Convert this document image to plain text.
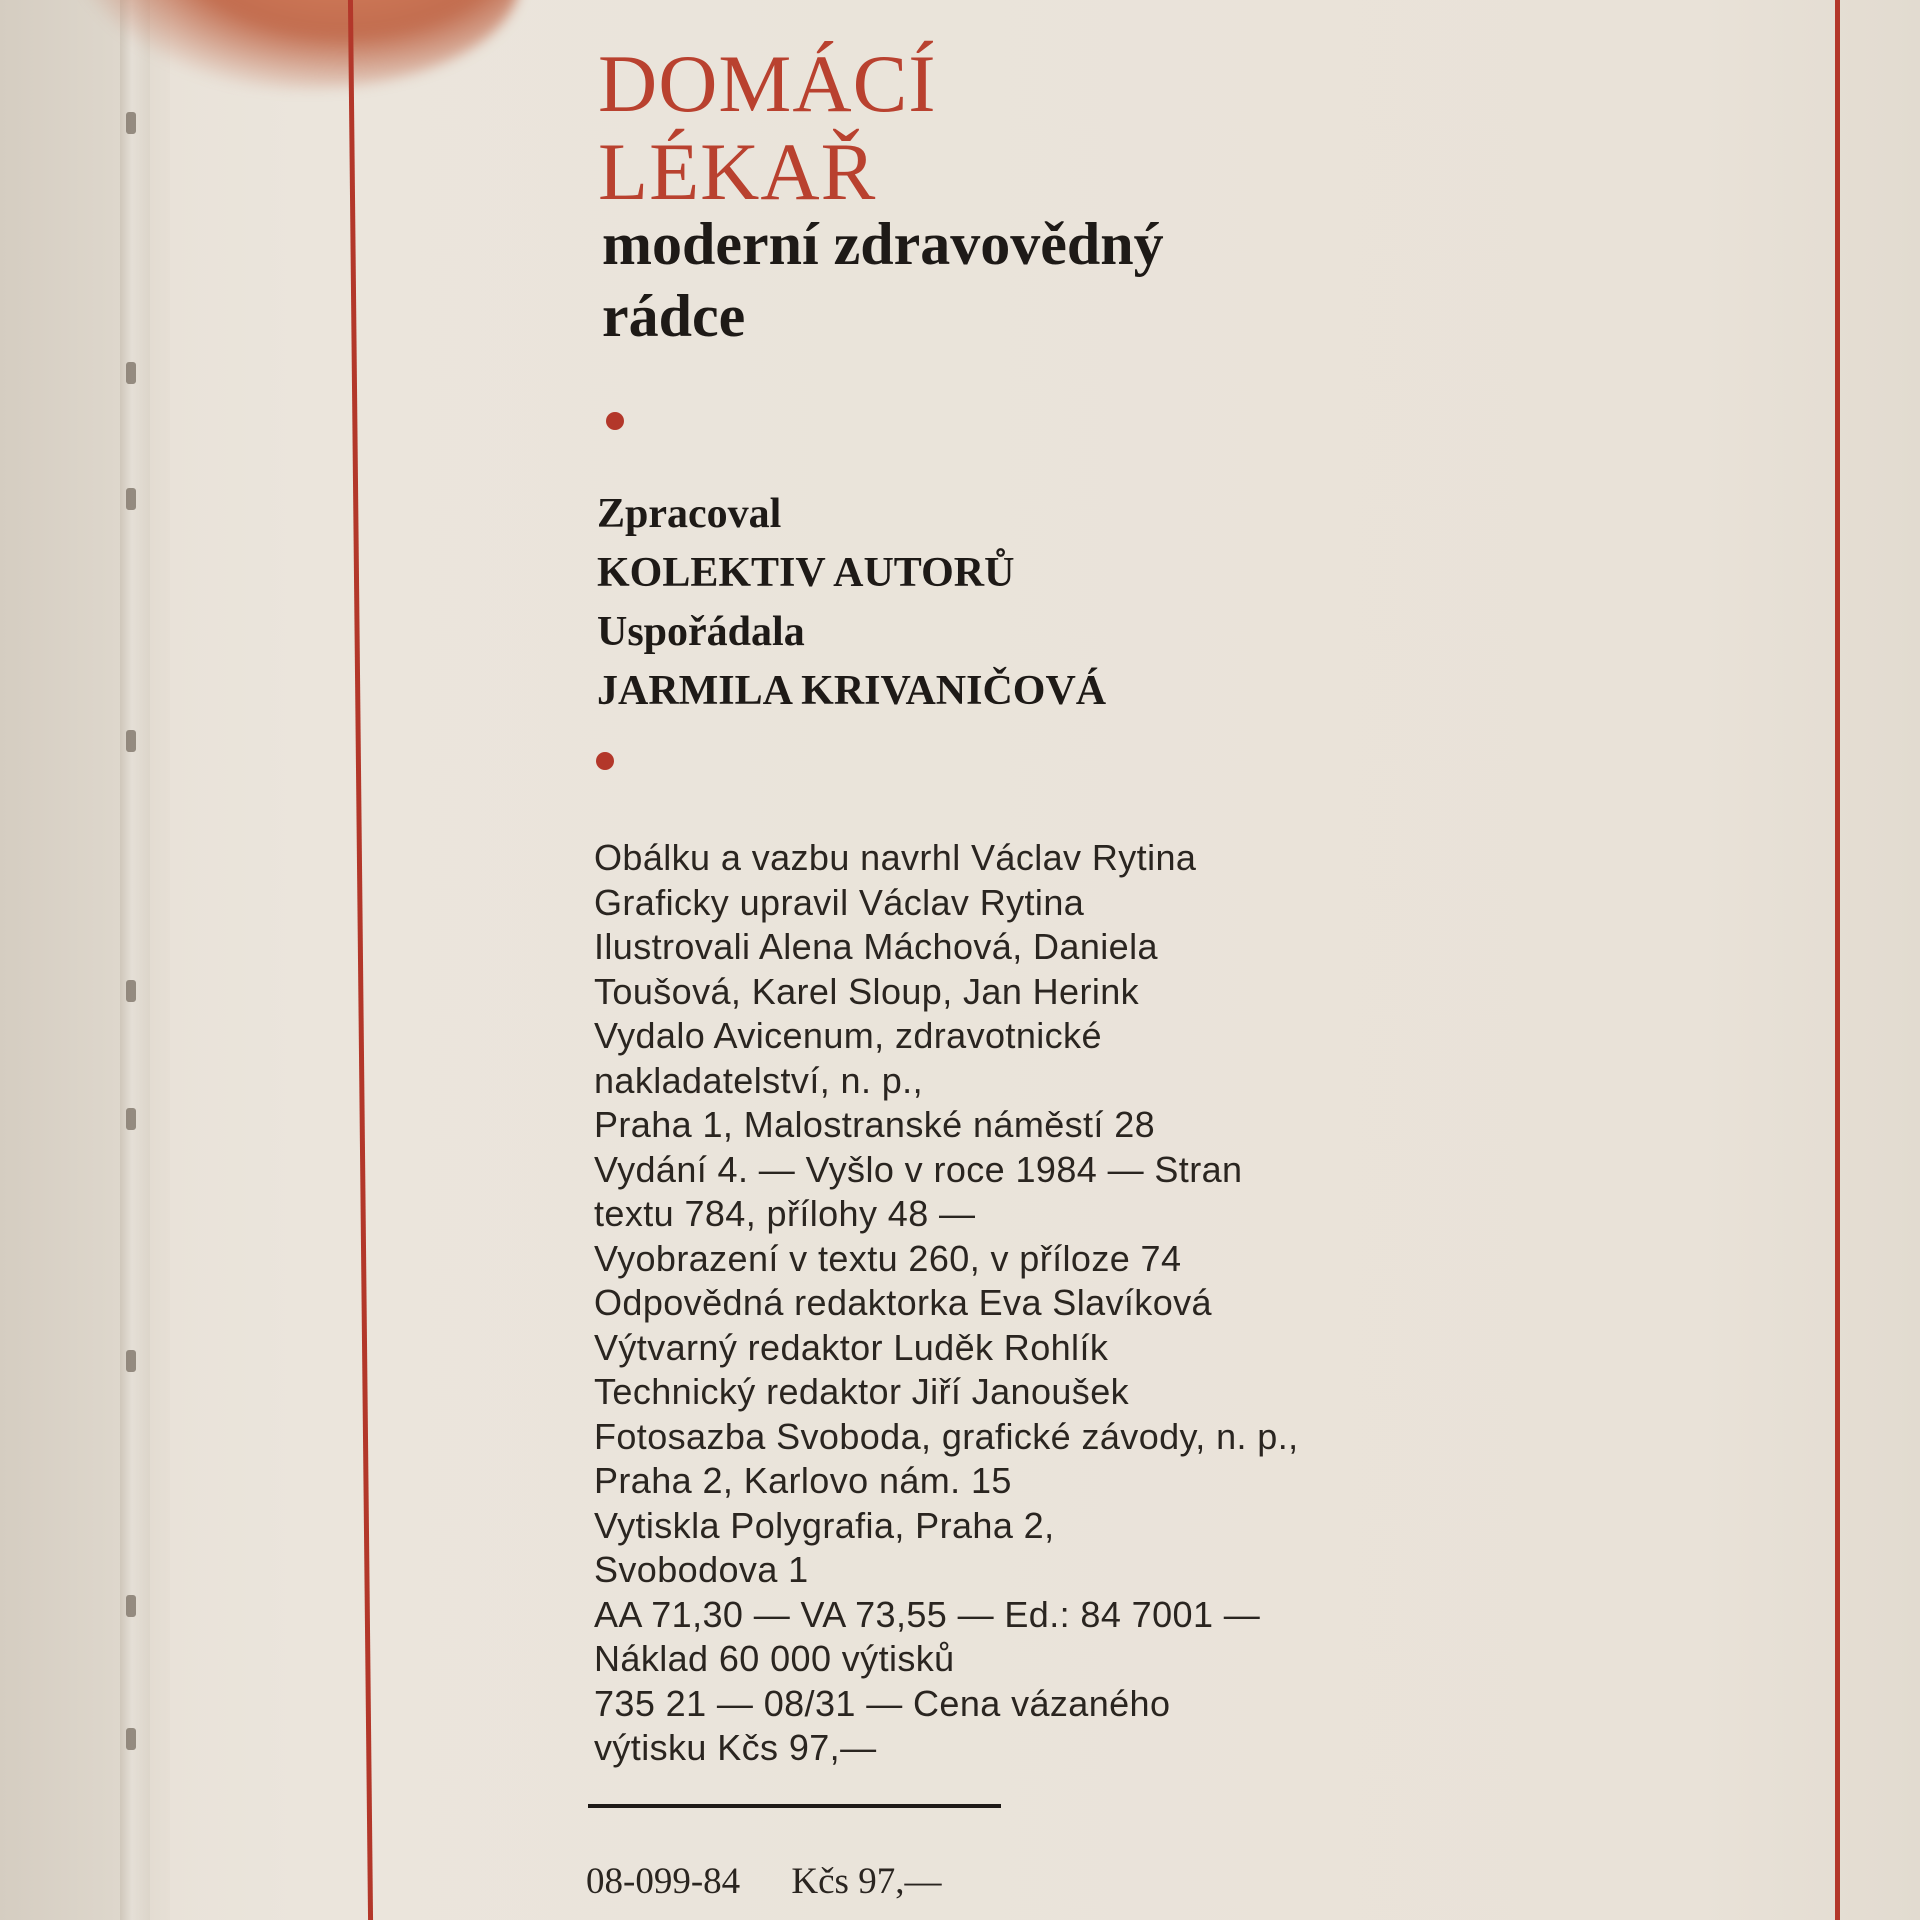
DOMÁCÍ
LÉKAŘ
moderní zdravovědný
rádce
Zpracoval
KOLEKTIV AUTORŮ
Uspořádala
JARMILA KRIVANIČOVÁ
Obálku a vazbu navrhl Václav Rytina
Graficky upravil Václav Rytina
Ilustrovali Alena Máchová, Daniela
Toušová, Karel Sloup, Jan Herink
Vydalo Avicenum, zdravotnické
nakladatelství, n. p.,
Praha 1, Malostranské náměstí 28
Vydání 4. — Vyšlo v roce 1984 — Stran
textu 784, přílohy 48 —
Vyobrazení v textu 260, v příloze 74
Odpovědná redaktorka Eva Slavíková
Výtvarný redaktor Luděk Rohlík
Technický redaktor Jiří Janoušek
Fotosazba Svoboda, grafické závody, n. p.,
Praha 2, Karlovo nám. 15
Vytiskla Polygrafia, Praha 2,
Svobodova 1
AA 71,30 — VA 73,55 — Ed.: 84 7001 —
Náklad 60 000 výtisků
735 21 — 08/31 — Cena vázaného
výtisku Kčs 97,—
08-099-84 Kčs 97,—
